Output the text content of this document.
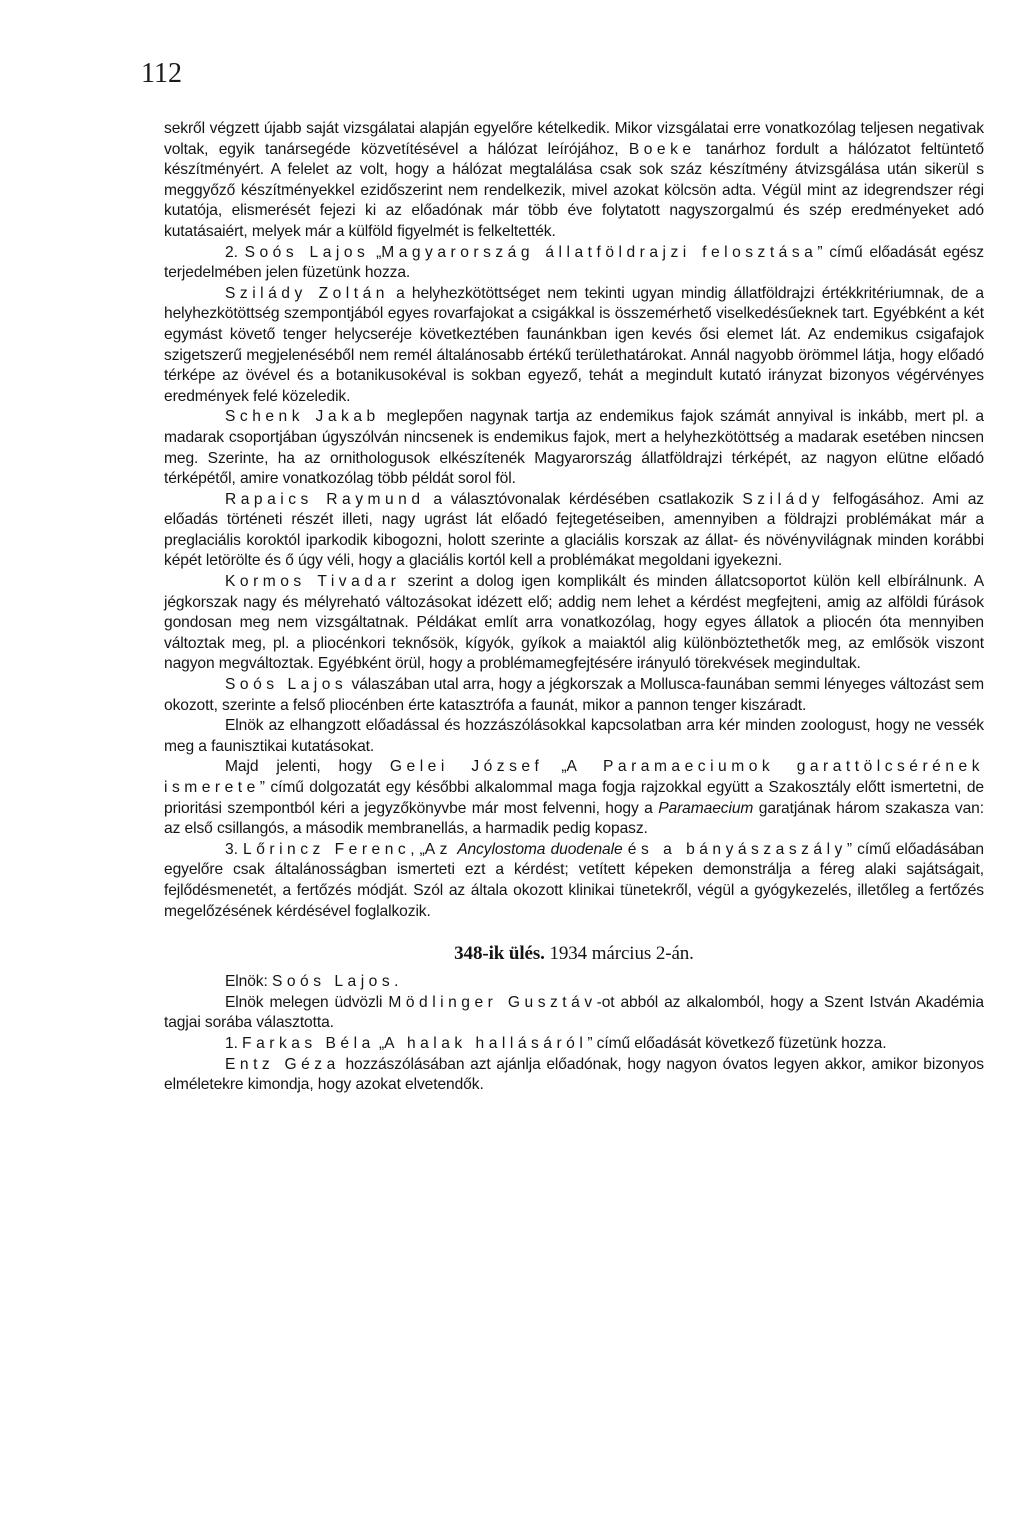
112

sekről végzett újabb saját vizsgálatai alapján egyelőre kételkedik. Mikor vizsgálatai erre vonatkozólag teljesen negativak voltak, egyik tanársegéde közvetítésével a hálózat leírójához, Boeke tanárhoz fordult a hálózatot feltüntető készítményért. A felelet az volt, hogy a hálózat megtalálása csak sok száz készítmény átvizsgálása után sikerül s meggyőző készítményekkel ezidőszerint nem rendelkezik, mivel azokat kölcsön adta. Végül mint az idegrendszer régi kutatója, elismerését fejezi ki az előadónak már több éve folytatott nagyszorgalmú és szép eredményeket adó kutatásaiért, melyek már a külföld figyelmét is felkeltették.

2. Soós Lajos „Magyarország állatföldrajzi felosztása” című előadását egész terjedelmében jelen füzetünk hozza.

Szilády Zoltán a helyhezkötöttséget nem tekinti ugyan mindig állatföldrajzi értékkritériumnak, de a helyhezkötöttség szempontjából egyes rovarfajokat a csigákkal is összemérhető viselkedésűeknek tart. Egyébként a két egymást követő tenger helycseréje következtében faunánkban igen kevés ősi elemet lát. Az endemikus csigafajok szigetszerű megjelenéséből nem remél általánosabb értékű területhatárokat. Annál nagyobb örömmel látja, hogy előadó térképe az övével és a botanikusokéval is sokban egyező, tehát a megindult kutató irányzat bizonyos végérvényes eredmények felé közeledik.

Schenk Jakab meglepően nagynak tartja az endemikus fajok számát annyival is inkább, mert pl. a madarak csoportjában úgyszólván nincsenek is endemikus fajok, mert a helyhezkötöttség a madarak esetében nincsen meg. Szerinte, ha az ornithologusok elkészítenék Magyarország állatföldrajzi térképét, az nagyon elütne előadó térképétől, amire vonatkozólag több példát sorol föl.

Rapaics Raymund a választóvonalak kérdésében csatlakozik Szilády felfogásához. Ami az előadás történeti részét illeti, nagy ugrást lát előadó fejtegetéseiben, amennyiben a földrajzi problémákat már a preglaciális koroktól iparkodik kibogozni, holott szerinte a glaciális korszak az állat- és növényvilágnak minden korábbi képét letörölte és ő úgy véli, hogy a glaciális kortól kell a problémákat megoldani igyekezni.

Kormos Tivadar szerint a dolog igen komplikált és minden állatcsoportot külön kell elbírálnunk. A jégkorszak nagy és mélyreható változásokat idézett elő; addig nem lehet a kérdést megfejteni, amig az alföldi fúrások gondosan meg nem vizsgáltatnak. Példákat említ arra vonatkozólag, hogy egyes állatok a pliocén óta mennyiben változtak meg, pl. a pliocénkori teknősök, kígyók, gyíkok a maiaktól alig különböztethetők meg, az emlősök viszont nagyon megváltoztak. Egyébként örül, hogy a problémamegfejtésére irányuló törekvések megindultak.

Soós Lajos válaszában utal arra, hogy a jégkorszak a Mollusca-faunában semmi lényeges változást sem okozott, szerinte a felső pliocénben érte katasztrófa a faunát, mikor a pannon tenger kiszáradt.

Elnök az elhangzott előadással és hozzászólásokkal kapcsolatban arra kér minden zoologust, hogy ne vessék meg a faunisztikai kutatásokat.

Majd jelenti, hogy Gelei József „A Paramaeciumok garattölcsérének ismerete” című dolgozatát egy későbbi alkalommal maga fogja rajzokkal együtt a Szakosztály előtt ismertetni, de prioritási szempontból kéri a jegyzőkönyvbe már most felvenni, hogy a Paramaecium garatjának három szakasza van: az első csillangós, a második membranellás, a harmadik pedig kopasz.

3. Lőrincz Ferenc, „Az Ancylostoma duodenale és a bányászaszály” című előadásában egyelőre csak általánosságban ismerteti ezt a kérdést; vetített képeken demonstrálja a féreg alaki sajátságait, fejlődésmenetét, a fertőzés módját. Szól az általa okozott klinikai tünetekről, végül a gyógykezelés, illetőleg a fertőzés megelőzésének kérdésével foglalkozik.

348-ik ülés. 1934 március 2-án.

Elnök: Soós Lajos.

Elnök melegen üdvözli Mödlinger Gusztáv-ot abból az alkalomból, hogy a Szent István Akadémia tagjai sorába választotta.

1. Farkas Béla „A halak hallásáról” című előadását következő füzetünk hozza.

Entz Géza hozzászólásában azt ajánlja előadónak, hogy nagyon óvatos legyen akkor, amikor bizonyos elméletekre kimondja, hogy azokat elvetendők.
